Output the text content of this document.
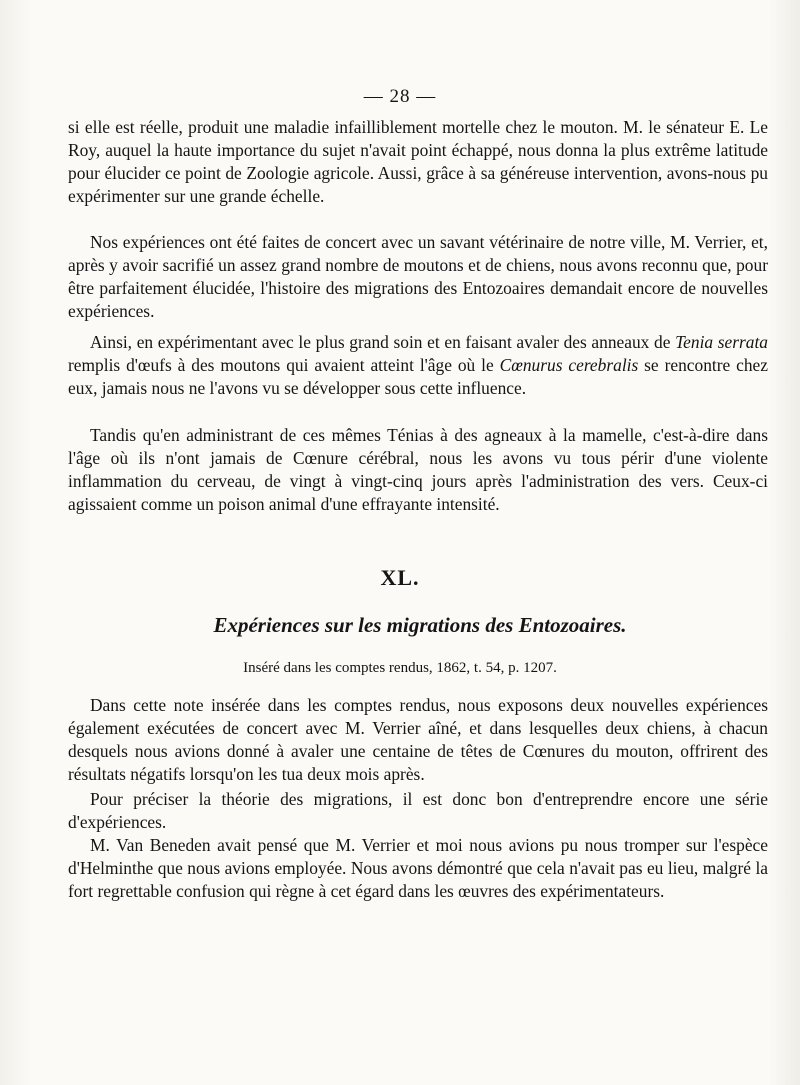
— 28 —

si elle est réelle, produit une maladie infailliblement mortelle chez le mouton. M. le sénateur E. Le Roy, auquel la haute importance du sujet n'avait point échappé, nous donna la plus extrême latitude pour élucider ce point de Zoologie agricole. Aussi, grâce à sa généreuse intervention, avons-nous pu expérimenter sur une grande échelle.

Nos expériences ont été faites de concert avec un savant vétérinaire de notre ville, M. Verrier, et, après y avoir sacrifié un assez grand nombre de moutons et de chiens, nous avons reconnu que, pour être parfaitement élucidée, l'histoire des migrations des Entozoaires demandait encore de nouvelles expériences.

Ainsi, en expérimentant avec le plus grand soin et en faisant avaler des anneaux de Tenia serrata remplis d'œufs à des moutons qui avaient atteint l'âge où le Cœnurus cerebralis se rencontre chez eux, jamais nous ne l'avons vu se développer sous cette influence.

Tandis qu'en administrant de ces mêmes Ténias à des agneaux à la mamelle, c'est-à-dire dans l'âge où ils n'ont jamais de Cœnure cérébral, nous les avons vu tous périr d'une violente inflammation du cerveau, de vingt à vingt-cinq jours après l'administration des vers. Ceux-ci agissaient comme un poison animal d'une effrayante intensité.

XL.
Expériences sur les migrations des Entozoaires.
Inséré dans les comptes rendus, 1862, t. 54, p. 1207.

Dans cette note insérée dans les comptes rendus, nous exposons deux nouvelles expériences également exécutées de concert avec M. Verrier aîné, et dans lesquelles deux chiens, à chacun desquels nous avions donné à avaler une centaine de têtes de Cœnures du mouton, offrirent des résultats négatifs lorsqu'on les tua deux mois après.

Pour préciser la théorie des migrations, il est donc bon d'entreprendre encore une série d'expériences.

M. Van Beneden avait pensé que M. Verrier et moi nous avions pu nous tromper sur l'espèce d'Helminthe que nous avions employée. Nous avons démontré que cela n'avait pas eu lieu, malgré la fort regrettable confusion qui règne à cet égard dans les œuvres des expérimentateurs.
